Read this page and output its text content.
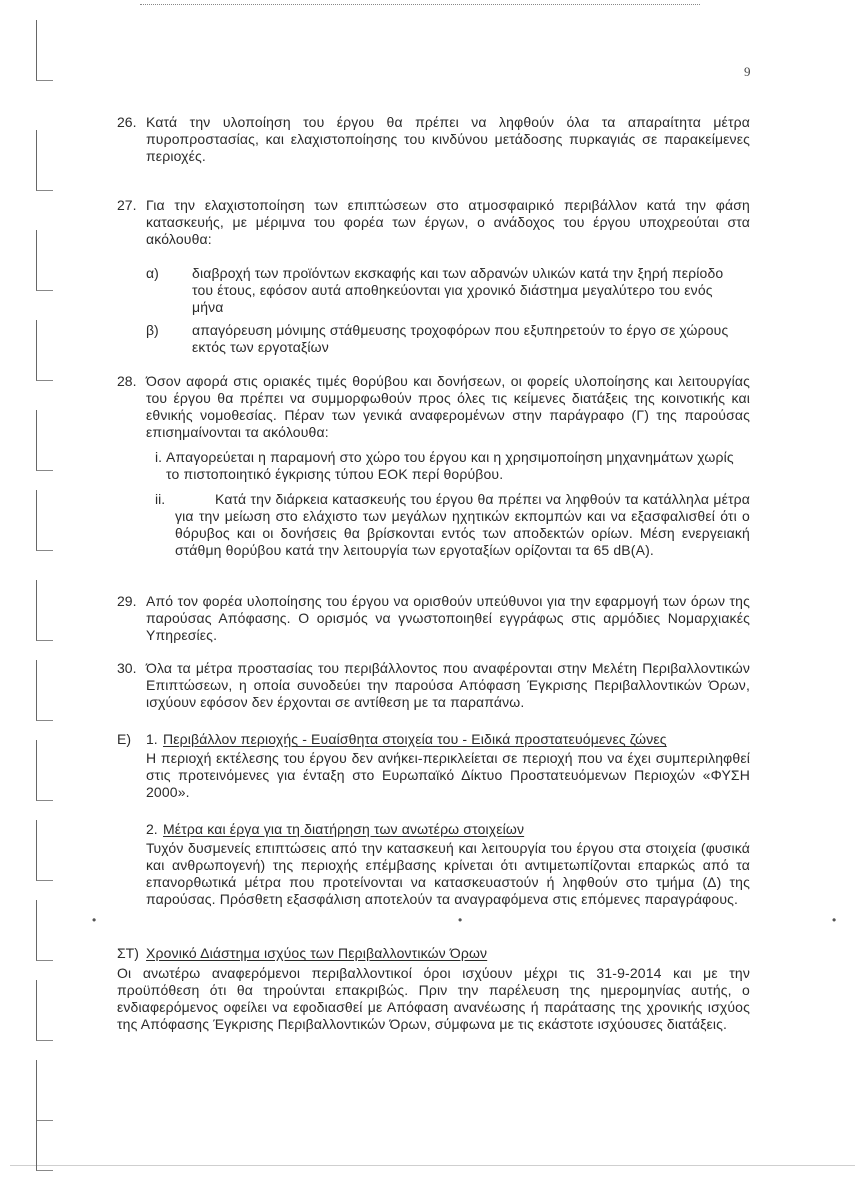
9
26. Κατά την υλοποίηση του έργου θα πρέπει να ληφθούν όλα τα απαραίτητα μέτρα πυροπροστασίας, και ελαχιστοποίησης του κινδύνου μετάδοσης πυρκαγιάς σε παρακείμενες περιοχές.
27. Για την ελαχιστοποίηση των επιπτώσεων στο ατμοσφαιρικό περιβάλλον κατά την φάση κατασκευής, με μέριμνα του φορέα των έργων, ο ανάδοχος του έργου υποχρεούται στα ακόλουθα:
α) διαβροχή των προϊόντων εκσκαφής και των αδρανών υλικών κατά την ξηρή περίοδο του έτους, εφόσον αυτά αποθηκεύονται για χρονικό διάστημα μεγαλύτερο του ενός μήνα
β) απαγόρευση μόνιμης στάθμευσης τροχοφόρων που εξυπηρετούν το έργο σε χώρους εκτός των εργοταξίων
28. Όσον αφορά στις οριακές τιμές θορύβου και δονήσεων, οι φορείς υλοποίησης και λειτουργίας του έργου θα πρέπει να συμμορφωθούν προς όλες τις κείμενες διατάξεις της κοινοτικής και εθνικής νομοθεσίας. Πέραν των γενικά αναφερομένων στην παράγραφο (Γ) της παρούσας επισημαίνονται τα ακόλουθα:
i. Απαγορεύεται η παραμονή στο χώρο του έργου και η χρησιμοποίηση μηχανημάτων χωρίς το πιστοποιητικό έγκρισης τύπου ΕΟΚ περί θορύβου.
ii.	Κατά την διάρκεια κατασκευής του έργου θα πρέπει να ληφθούν τα κατάλληλα μέτρα για την μείωση στο ελάχιστο των μεγάλων ηχητικών εκπομπών και να εξασφαλισθεί ότι ο θόρυβος και οι δονήσεις θα βρίσκονται εντός των αποδεκτών ορίων. Μέση ενεργειακή στάθμη θορύβου κατά την λειτουργία των εργοταξίων ορίζονται τα 65 dB(A).
29. Από τον φορέα υλοποίησης του έργου να ορισθούν υπεύθυνοι για την εφαρμογή των όρων της παρούσας Απόφασης. Ο ορισμός να γνωστοποιηθεί εγγράφως στις αρμόδιες Νομαρχιακές Υπηρεσίες.
30. Όλα τα μέτρα προστασίας του περιβάλλοντος που αναφέρονται στην Μελέτη Περιβαλλοντικών Επιπτώσεων, η οποία συνοδεύει την παρούσα Απόφαση Έγκρισης Περιβαλλοντικών Όρων, ισχύουν εφόσον δεν έρχονται σε αντίθεση με τα παραπάνω.
Ε) 1. Περιβάλλον περιοχής - Ευαίσθητα στοιχεία του - Ειδικά προστατευόμενες ζώνες
Η περιοχή εκτέλεσης του έργου δεν ανήκει-περικλείεται σε περιοχή που να έχει συμπεριληφθεί στις προτεινόμενες για ένταξη στο Ευρωπαϊκό Δίκτυο Προστατευόμενων Περιοχών «ΦΥΣΗ 2000».
2. Μέτρα και έργα για τη διατήρηση των ανωτέρω στοιχείων
Τυχόν δυσμενείς επιπτώσεις από την κατασκευή και λειτουργία του έργου στα στοιχεία (φυσικά και ανθρωπογενή) της περιοχής επέμβασης κρίνεται ότι αντιμετωπίζονται επαρκώς από τα επανορθωτικά μέτρα που προτείνονται να κατασκευαστούν ή ληφθούν στο τμήμα (Δ) της παρούσας. Πρόσθετη εξασφάλιση αποτελούν τα αναγραφόμενα στις επόμενες παραγράφους.
ΣΤ) Χρονικό Διάστημα ισχύος των Περιβαλλοντικών Όρων
Οι ανωτέρω αναφερόμενοι περιβαλλοντικοί όροι ισχύουν μέχρι τις 31-9-2014 και με την προϋπόθεση ότι θα τηρούνται επακριβώς. Πριν την παρέλευση της ημερομηνίας αυτής, ο ενδιαφερόμενος οφείλει να εφοδιασθεί με Απόφαση ανανέωσης ή παράτασης της χρονικής ισχύος της Απόφασης Έγκρισης Περιβαλλοντικών Όρων, σύμφωνα με τις εκάστοτε ισχύουσες διατάξεις.
•	•	•
